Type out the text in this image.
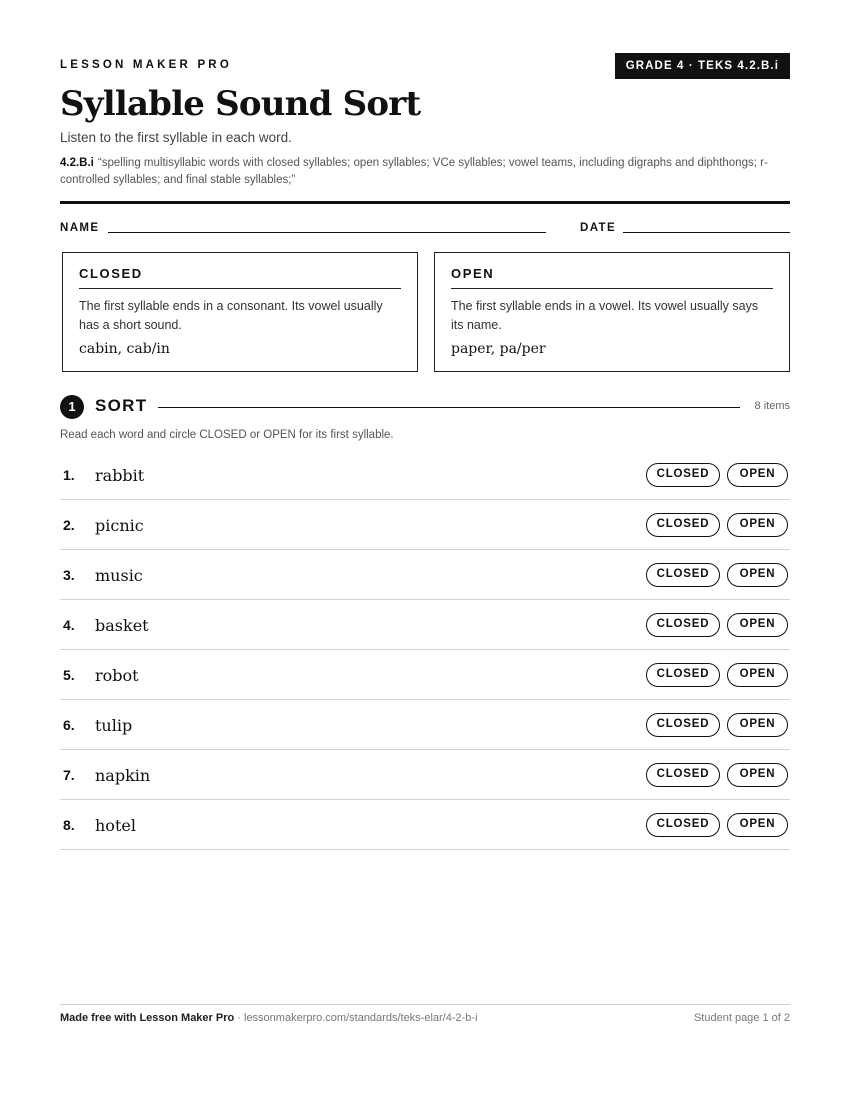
LESSON MAKER PRO	GRADE 4 · TEKS 4.2.B.i
Syllable Sound Sort
Listen to the first syllable in each word.
4.2.B.i “spelling multisyllabic words with closed syllables; open syllables; VCe syllables; vowel teams, including digraphs and diphthongs; r-controlled syllables; and final stable syllables;”
NAME	DATE
CLOSED
The first syllable ends in a consonant. Its vowel usually has a short sound.
cabin, cab/in
OPEN
The first syllable ends in a vowel. Its vowel usually says its name.
paper, pa/per
1	SORT	8 items
Read each word and circle CLOSED or OPEN for its first syllable.
1. rabbit	CLOSED	OPEN
2. picnic	CLOSED	OPEN
3. music	CLOSED	OPEN
4. basket	CLOSED	OPEN
5. robot	CLOSED	OPEN
6. tulip	CLOSED	OPEN
7. napkin	CLOSED	OPEN
8. hotel	CLOSED	OPEN
Made free with Lesson Maker Pro · lessonmakerpro.com/standards/teks-elar/4-2-b-i	Student page 1 of 2
